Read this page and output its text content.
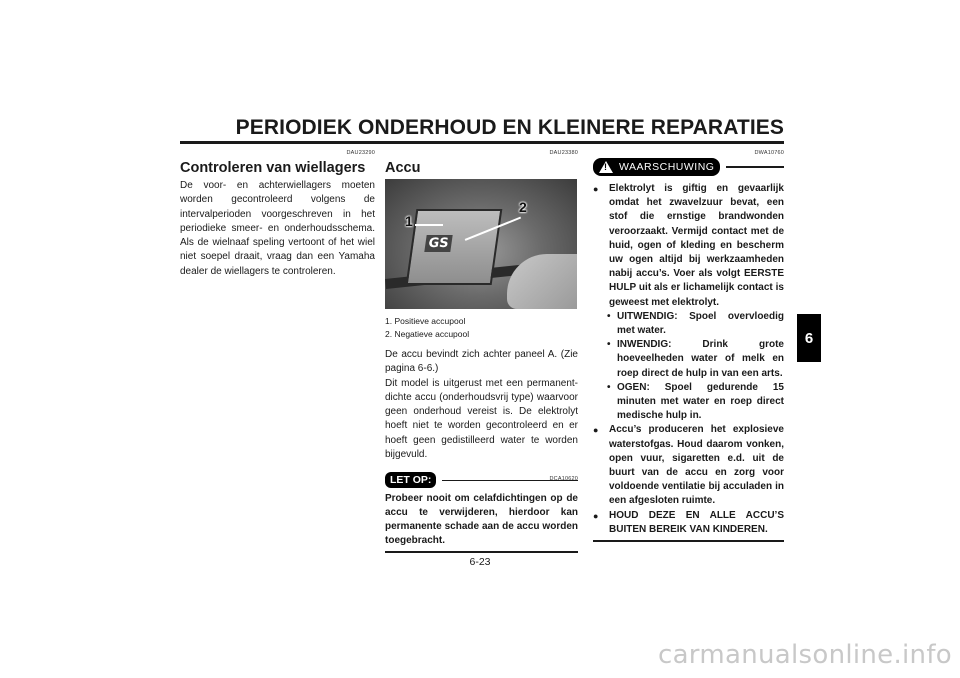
PERIODIEK ONDERHOUD EN KLEINERE REPARATIES
DAU23290
Controleren van wiellagers

De voor- en achterwiellagers moeten worden gecontroleerd volgens de intervalperioden voorgeschreven in het periodieke smeer- en onderhoudsschema. Als de wielnaaf speling vertoont of het wiel niet soepel draait, vraag dan een Yamaha dealer de wiellagers te controleren.

DAU23380
Accu
GS
1
2
1. Positieve accupool
2. Negatieve accupool

De accu bevindt zich achter paneel A. (Zie pagina 6-6.)

Dit model is uitgerust met een permanent-dichte accu (onderhoudsvrij type) waarvoor geen onderhoud vereist is. De elektrolyt hoeft niet te worden gecontroleerd en er hoeft geen gedistilleerd water te worden bijgevuld.

LET OP:	DCA10620
Probeer nooit om celafdichtingen op de accu te verwijderen, hierdoor kan permanente schade aan de accu worden toegebracht.
DWA10760
! WAARSCHUWING
● Elektrolyt is giftig en gevaarlijk omdat het zwavelzuur bevat, een stof die ernstige brandwonden veroorzaakt. Vermijd contact met de huid, ogen of kleding en bescherm uw ogen altijd bij werkzaamheden nabij accu’s. Voer als volgt EERSTE HULP uit als er lichamelijk contact is geweest met elektrolyt.
• UITWENDIG: Spoel overvloedig met water.
• INWENDIG: Drink grote hoeveelheden water of melk en roep direct de hulp in van een arts.
• OGEN: Spoel gedurende 15 minuten met water en roep direct medische hulp in.
● Accu’s produceren het explosieve waterstofgas. Houd daarom vonken, open vuur, sigaretten e.d. uit de buurt van de accu en zorg voor voldoende ventilatie bij acculaden in een afgesloten ruimte.
● HOUD DEZE EN ALLE ACCU’S BUITEN BEREIK VAN KINDEREN.
6
6-23
carmanualsonline.info
